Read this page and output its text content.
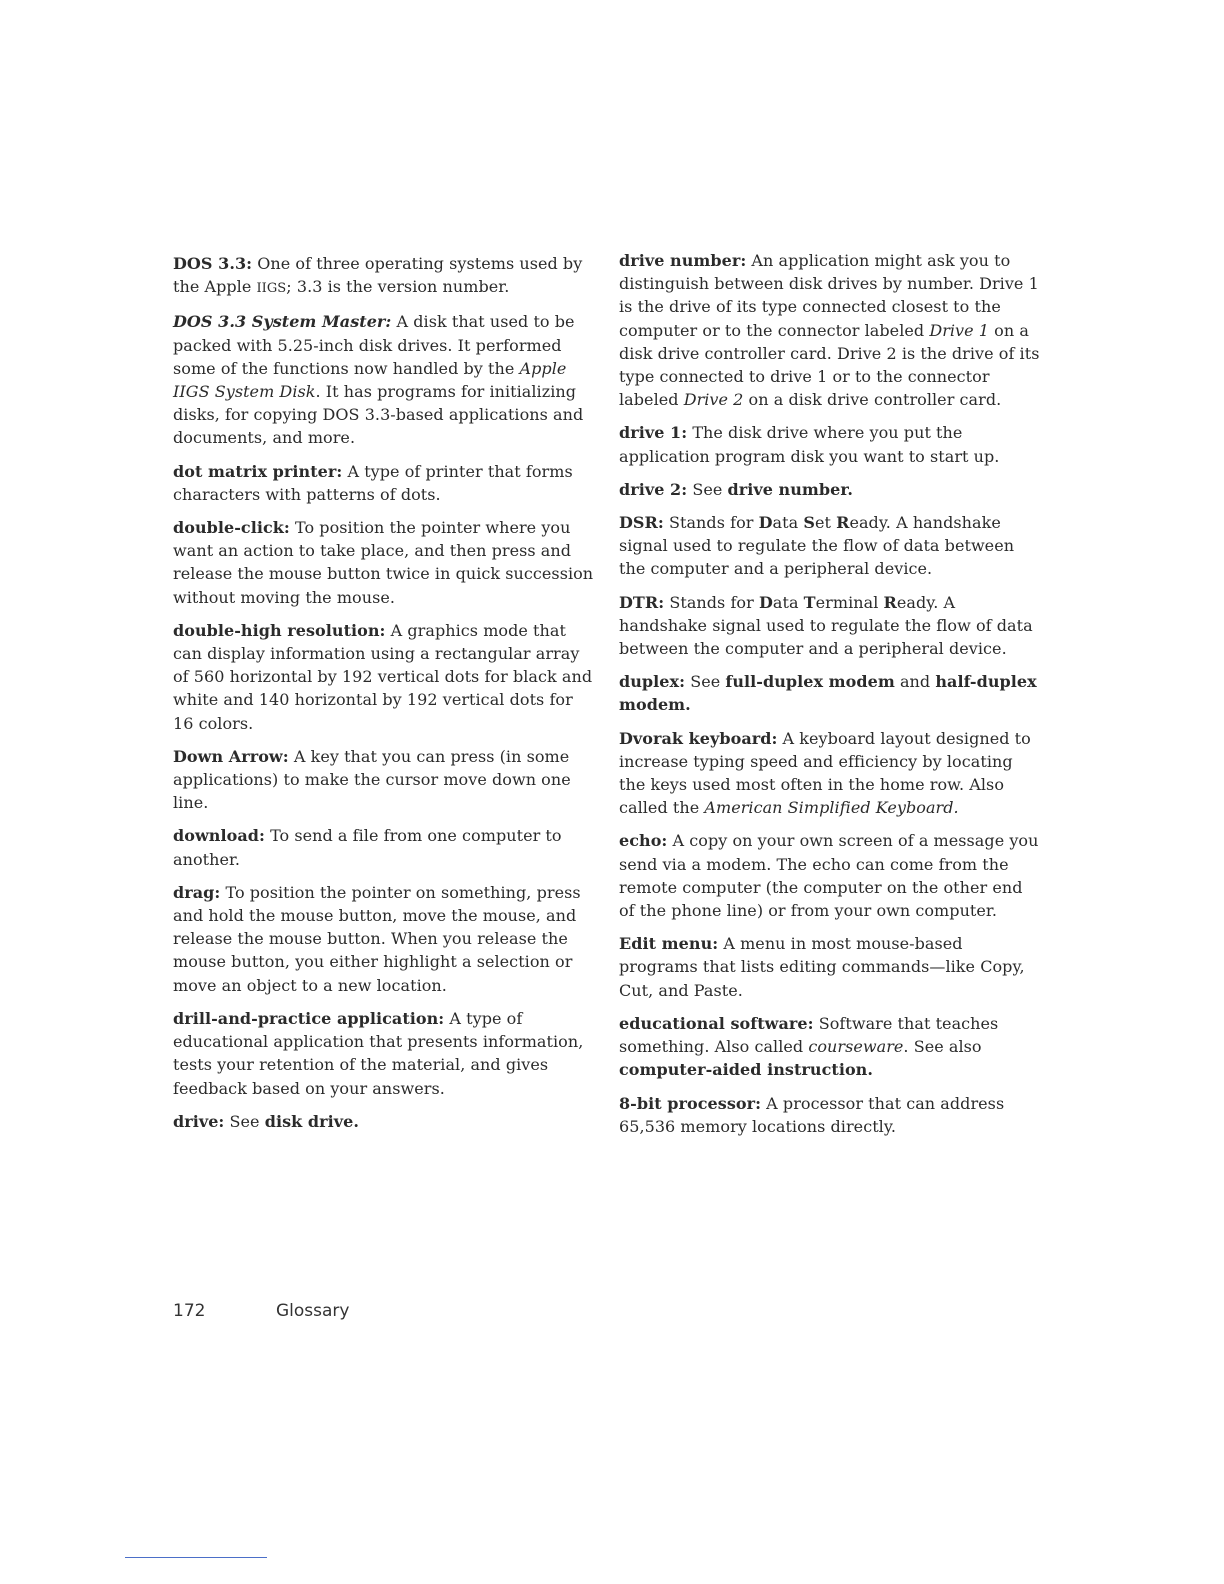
DOS 3.3: One of three operating systems used by the Apple IIGS; 3.3 is the version number.

DOS 3.3 System Master: A disk that used to be packed with 5.25-inch disk drives. It performed some of the functions now handled by the Apple IIGS System Disk. It has programs for initializing disks, for copying DOS 3.3-based applications and documents, and more.

dot matrix printer: A type of printer that forms characters with patterns of dots.

double-click: To position the pointer where you want an action to take place, and then press and release the mouse button twice in quick succession without moving the mouse.

double-high resolution: A graphics mode that can display information using a rectangular array of 560 horizontal by 192 vertical dots for black and white and 140 horizontal by 192 vertical dots for 16 colors.

Down Arrow: A key that you can press (in some applications) to make the cursor move down one line.

download: To send a file from one computer to another.

drag: To position the pointer on something, press and hold the mouse button, move the mouse, and release the mouse button. When you release the mouse button, you either highlight a selection or move an object to a new location.

drill-and-practice application: A type of educational application that presents information, tests your retention of the material, and gives feedback based on your answers.

drive: See disk drive.

drive number: An application might ask you to distinguish between disk drives by number. Drive 1 is the drive of its type connected closest to the computer or to the connector labeled Drive 1 on a disk drive controller card. Drive 2 is the drive of its type connected to drive 1 or to the connector labeled Drive 2 on a disk drive controller card.

drive 1: The disk drive where you put the application program disk you want to start up.

drive 2: See drive number.

DSR: Stands for Data Set Ready. A handshake signal used to regulate the flow of data between the computer and a peripheral device.

DTR: Stands for Data Terminal Ready. A handshake signal used to regulate the flow of data between the computer and a peripheral device.

duplex: See full-duplex modem and half-duplex modem.

Dvorak keyboard: A keyboard layout designed to increase typing speed and efficiency by locating the keys used most often in the home row. Also called the American Simplified Keyboard.

echo: A copy on your own screen of a message you send via a modem. The echo can come from the remote computer (the computer on the other end of the phone line) or from your own computer.

Edit menu: A menu in most mouse-based programs that lists editing commands—like Copy, Cut, and Paste.

educational software: Software that teaches something. Also called courseware. See also computer-aided instruction.

8-bit processor: A processor that can address 65,536 memory locations directly.

172	Glossary
